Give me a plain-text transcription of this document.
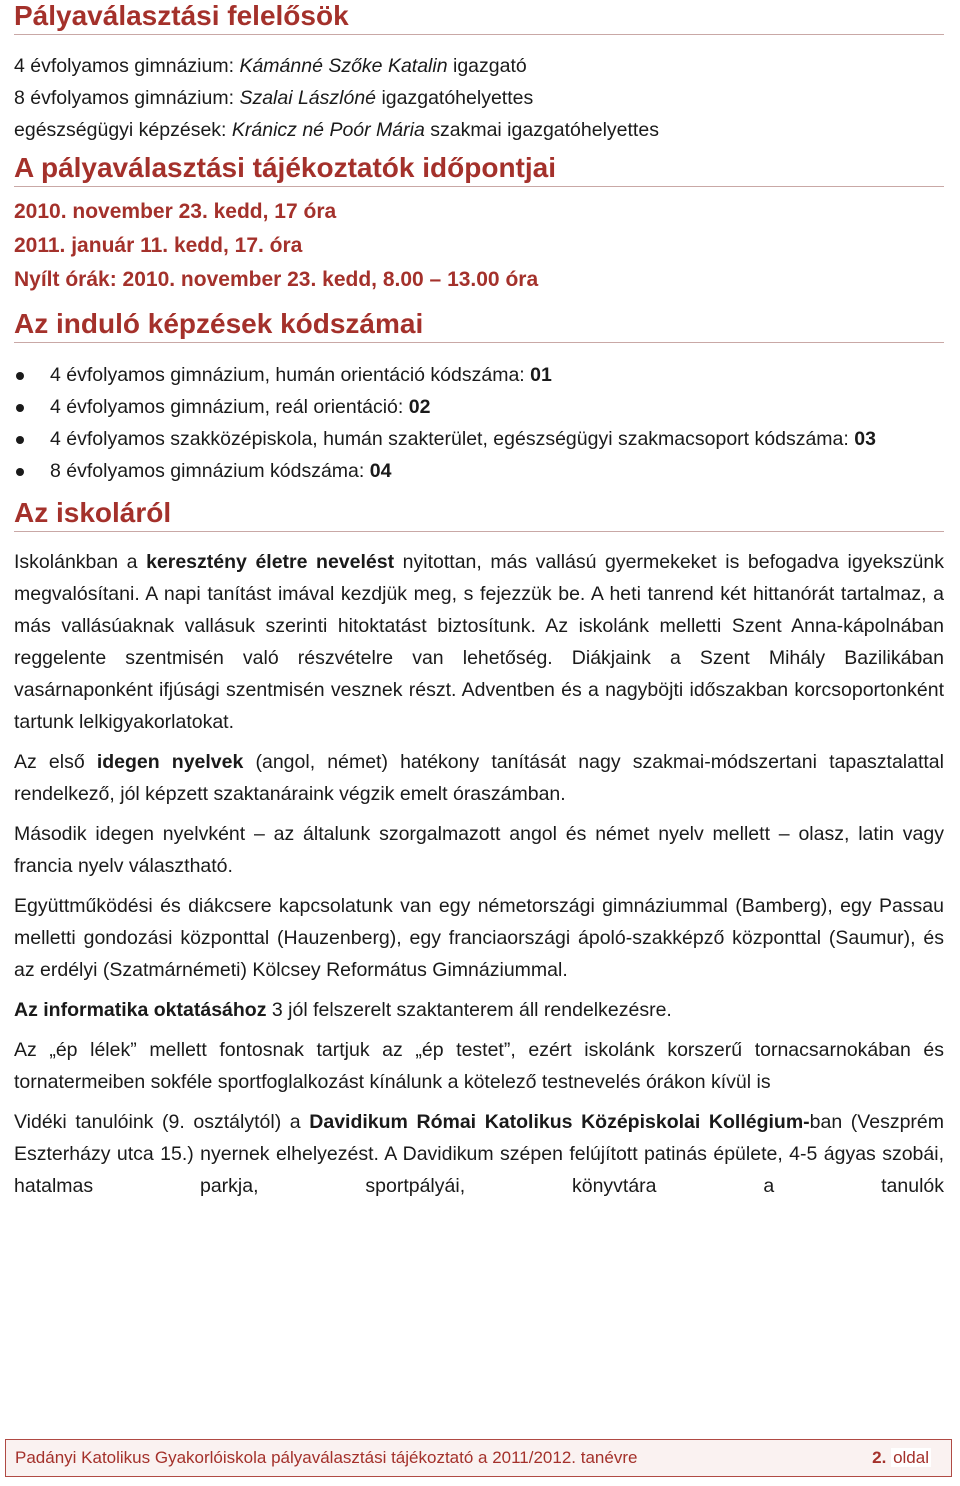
Pályaválasztási felelősök
4 évfolyamos gimnázium: Kámánné Szőke Katalin igazgató
8 évfolyamos gimnázium: Szalai Lászlóné igazgatóhelyettes
egészségügyi képzések: Kránicz né Poór Mária szakmai igazgatóhelyettes
A pályaválasztási tájékoztatók időpontjai
2010. november 23. kedd, 17 óra
2011. január 11. kedd, 17. óra
Nyílt órák: 2010. november 23. kedd, 8.00 – 13.00 óra
Az induló képzések kódszámai
4 évfolyamos gimnázium, humán orientáció kódszáma: 01
4 évfolyamos gimnázium, reál orientáció: 02
4 évfolyamos szakközépiskola, humán szakterület, egészségügyi szakmacsoport kódszáma: 03
8 évfolyamos gimnázium kódszáma: 04
Az iskoláról

Iskolánkban a keresztény életre nevelést nyitottan, más vallású gyermekeket is befogadva igyekszünk megvalósítani. A napi tanítást imával kezdjük meg, s fejezzük be. A heti tanrend két hittanórát tartalmaz, a más vallásúaknak vallásuk szerinti hitoktatást biztosítunk. Az iskolánk melletti Szent Anna-kápolnában reggelente szentmisén való részvételre van lehetőség. Diákjaink a Szent Mihály Bazilikában vasárnaponként ifjúsági szentmisén vesznek részt. Adventben és a nagyböjti időszakban korcsoportonként tartunk lelkigyakorlatokat.

Az első idegen nyelvek (angol, német) hatékony tanítását nagy szakmai-módszertani tapasztalattal rendelkező, jól képzett szaktanáraink végzik emelt óraszámban.

Második idegen nyelvként – az általunk szorgalmazott angol és német nyelv mellett – olasz, latin vagy francia nyelv választható.

Együttműködési és diákcsere kapcsolatunk van egy németországi gimnáziummal (Bamberg), egy Passau melletti gondozási központtal (Hauzenberg), egy franciaországi ápoló-szakképző központtal (Saumur), és az erdélyi (Szatmárnémeti) Kölcsey Református Gimnáziummal.

Az informatika oktatásához 3 jól felszerelt szaktanterem áll rendelkezésre.

Az „ép lélek” mellett fontosnak tartjuk az „ép testet”, ezért iskolánk korszerű tornacsarnokában és tornatermeiben sokféle sportfoglalkozást kínálunk a kötelező testnevelés órákon kívül is

Vidéki tanulóink (9. osztálytól) a Davidikum Római Katolikus Középiskolai Kollégium-ban (Veszprém Eszterházy utca 15.) nyernek elhelyezést. A Davidikum szépen felújított patinás épülete, 4-5 ágyas szobái, hatalmas parkja, sportpályái, könyvtára a tanulók

Padányi Katolikus Gyakorlóiskola pályaválasztási tájékoztató a 2011/2012. tanévre	2. oldal
